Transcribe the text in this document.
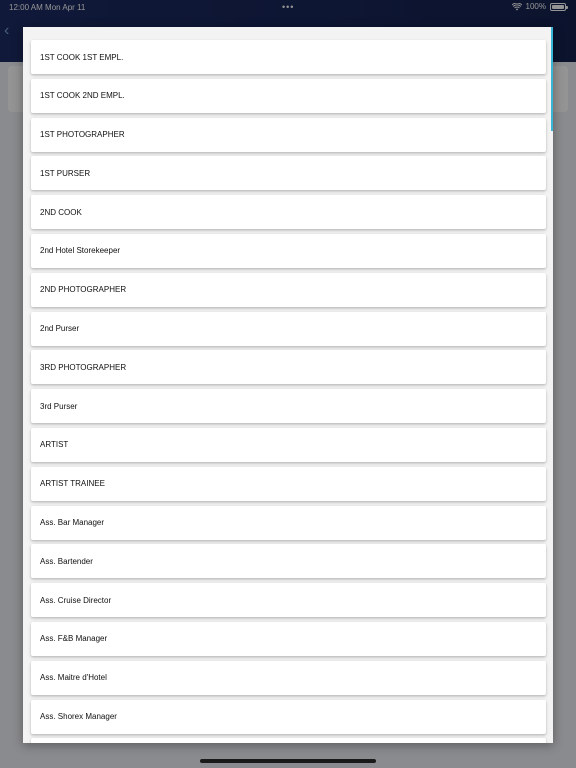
‹
12:00 AM Mon Apr 11	•••	100%
1ST COOK 1ST EMPL.
1ST COOK 2ND EMPL.
1ST PHOTOGRAPHER
1ST PURSER
2ND COOK
2nd Hotel Storekeeper
2ND PHOTOGRAPHER
2nd Purser
3RD PHOTOGRAPHER
3rd Purser
ARTIST
ARTIST TRAINEE
Ass. Bar Manager
Ass. Bartender
Ass. Cruise Director
Ass. F&B Manager
Ass. Maitre d'Hotel
Ass. Shorex Manager
